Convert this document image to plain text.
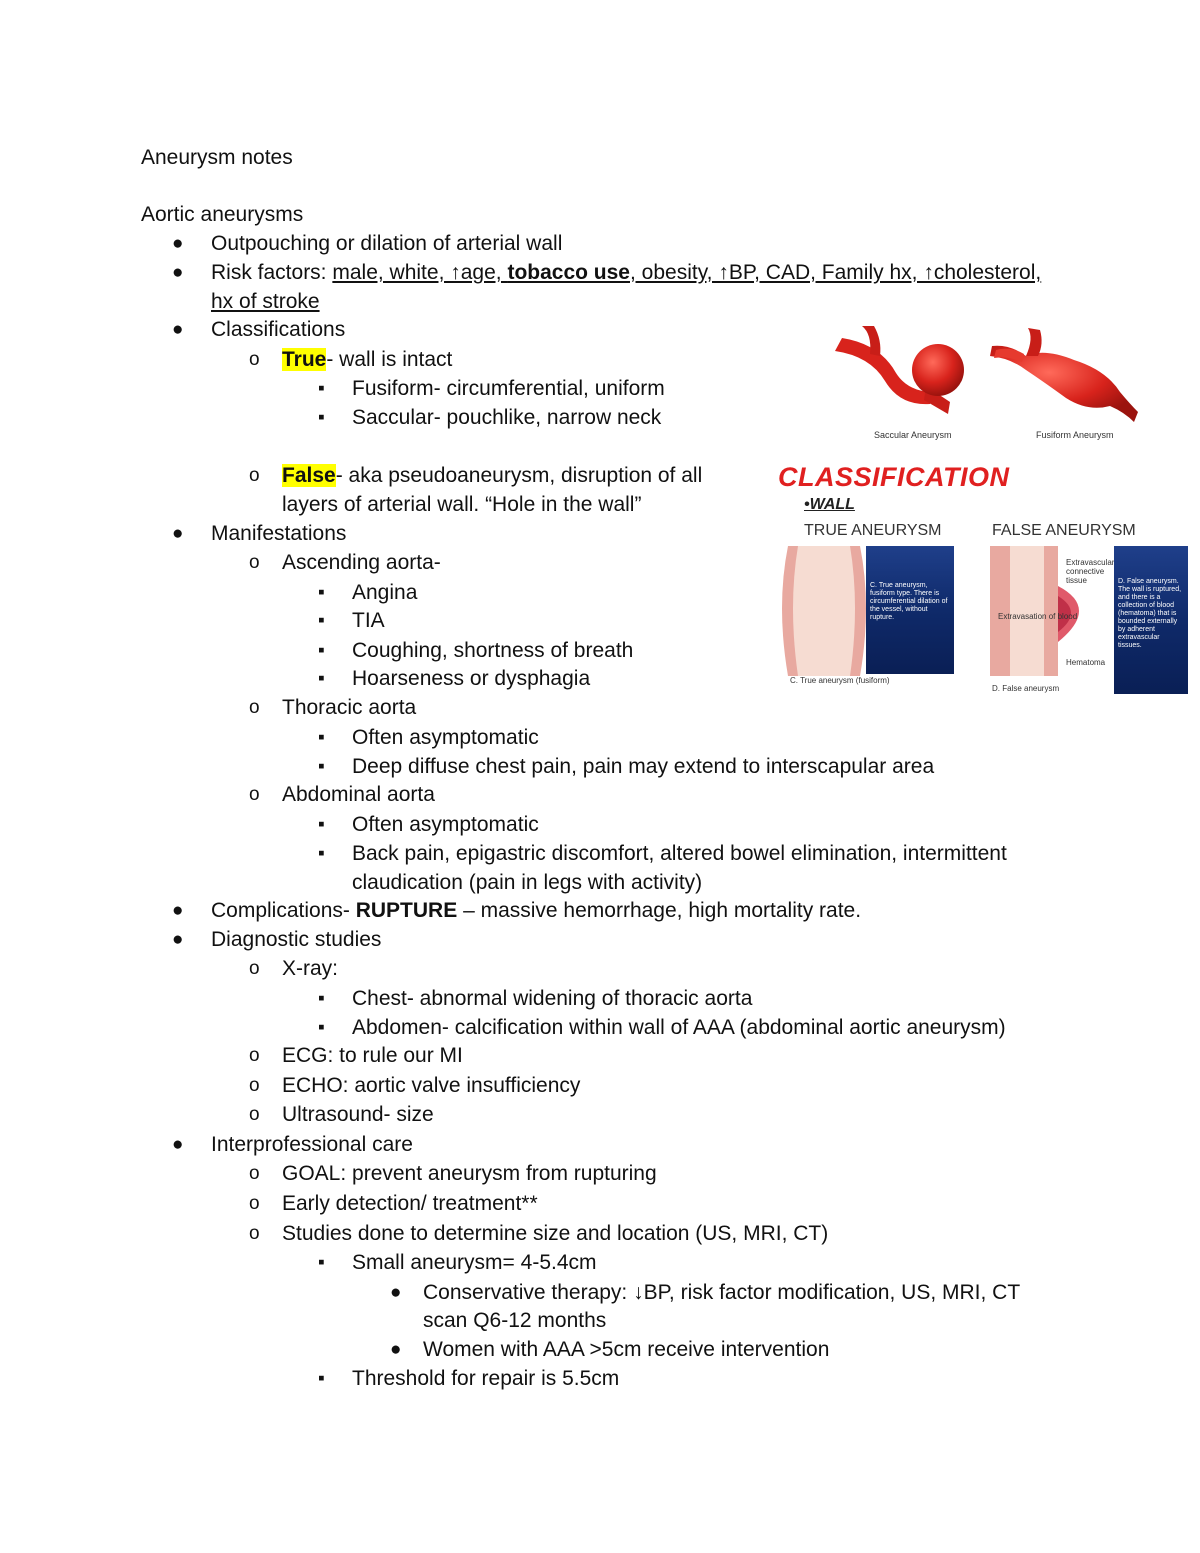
Aneurysm notes
Aortic aneurysms
● Outpouching or dilation of arterial wall
● Risk factors: male, white, ↑age, tobacco use, obesity, ↑BP, CAD, Family hx, ↑cholesterol,
hx of stroke
● Classifications
o True- wall is intact
▪ Fusiform- circumferential, uniform
▪ Saccular- pouchlike, narrow neck
o False- aka pseudoaneurysm, disruption of all
layers of arterial wall. “Hole in the wall”
● Manifestations
o Ascending aorta-
▪ Angina
▪ TIA
▪ Coughing, shortness of breath
▪ Hoarseness or dysphagia
o Thoracic aorta
▪ Often asymptomatic
▪ Deep diffuse chest pain, pain may extend to interscapular area
o Abdominal aorta
▪ Often asymptomatic
▪ Back pain, epigastric discomfort, altered bowel elimination, intermittent
claudication (pain in legs with activity)
● Complications- RUPTURE – massive hemorrhage, high mortality rate.
● Diagnostic studies
o X-ray:
▪ Chest- abnormal widening of thoracic aorta
▪ Abdomen- calcification within wall of AAA (abdominal aortic aneurysm)
o ECG: to rule our MI
o ECHO: aortic valve insufficiency
o Ultrasound- size
● Interprofessional care
o GOAL: prevent aneurysm from rupturing
o Early detection/ treatment**
o Studies done to determine size and location (US, MRI, CT)
▪ Small aneurysm= 4-5.4cm
● Conservative therapy: ↓BP, risk factor modification, US, MRI, CT
scan Q6-12 months
● Women with AAA >5cm receive intervention
▪ Threshold for repair is 5.5cm
Saccular Aneurysm	Fusiform Aneurysm
CLASSIFICATION
•WALL
TRUE ANEURYSM	FALSE ANEURYSM
C. True aneurysm, fusiform type. There is circumferential dilation of the vessel, without rupture.
C. True aneurysm (fusiform)
Extravasation of blood
Extravascular connective tissue
Hematoma
D. False aneurysm. The wall is ruptured, and there is a collection of blood (hematoma) that is bounded externally by adherent extravascular tissues.
D. False aneurysm
